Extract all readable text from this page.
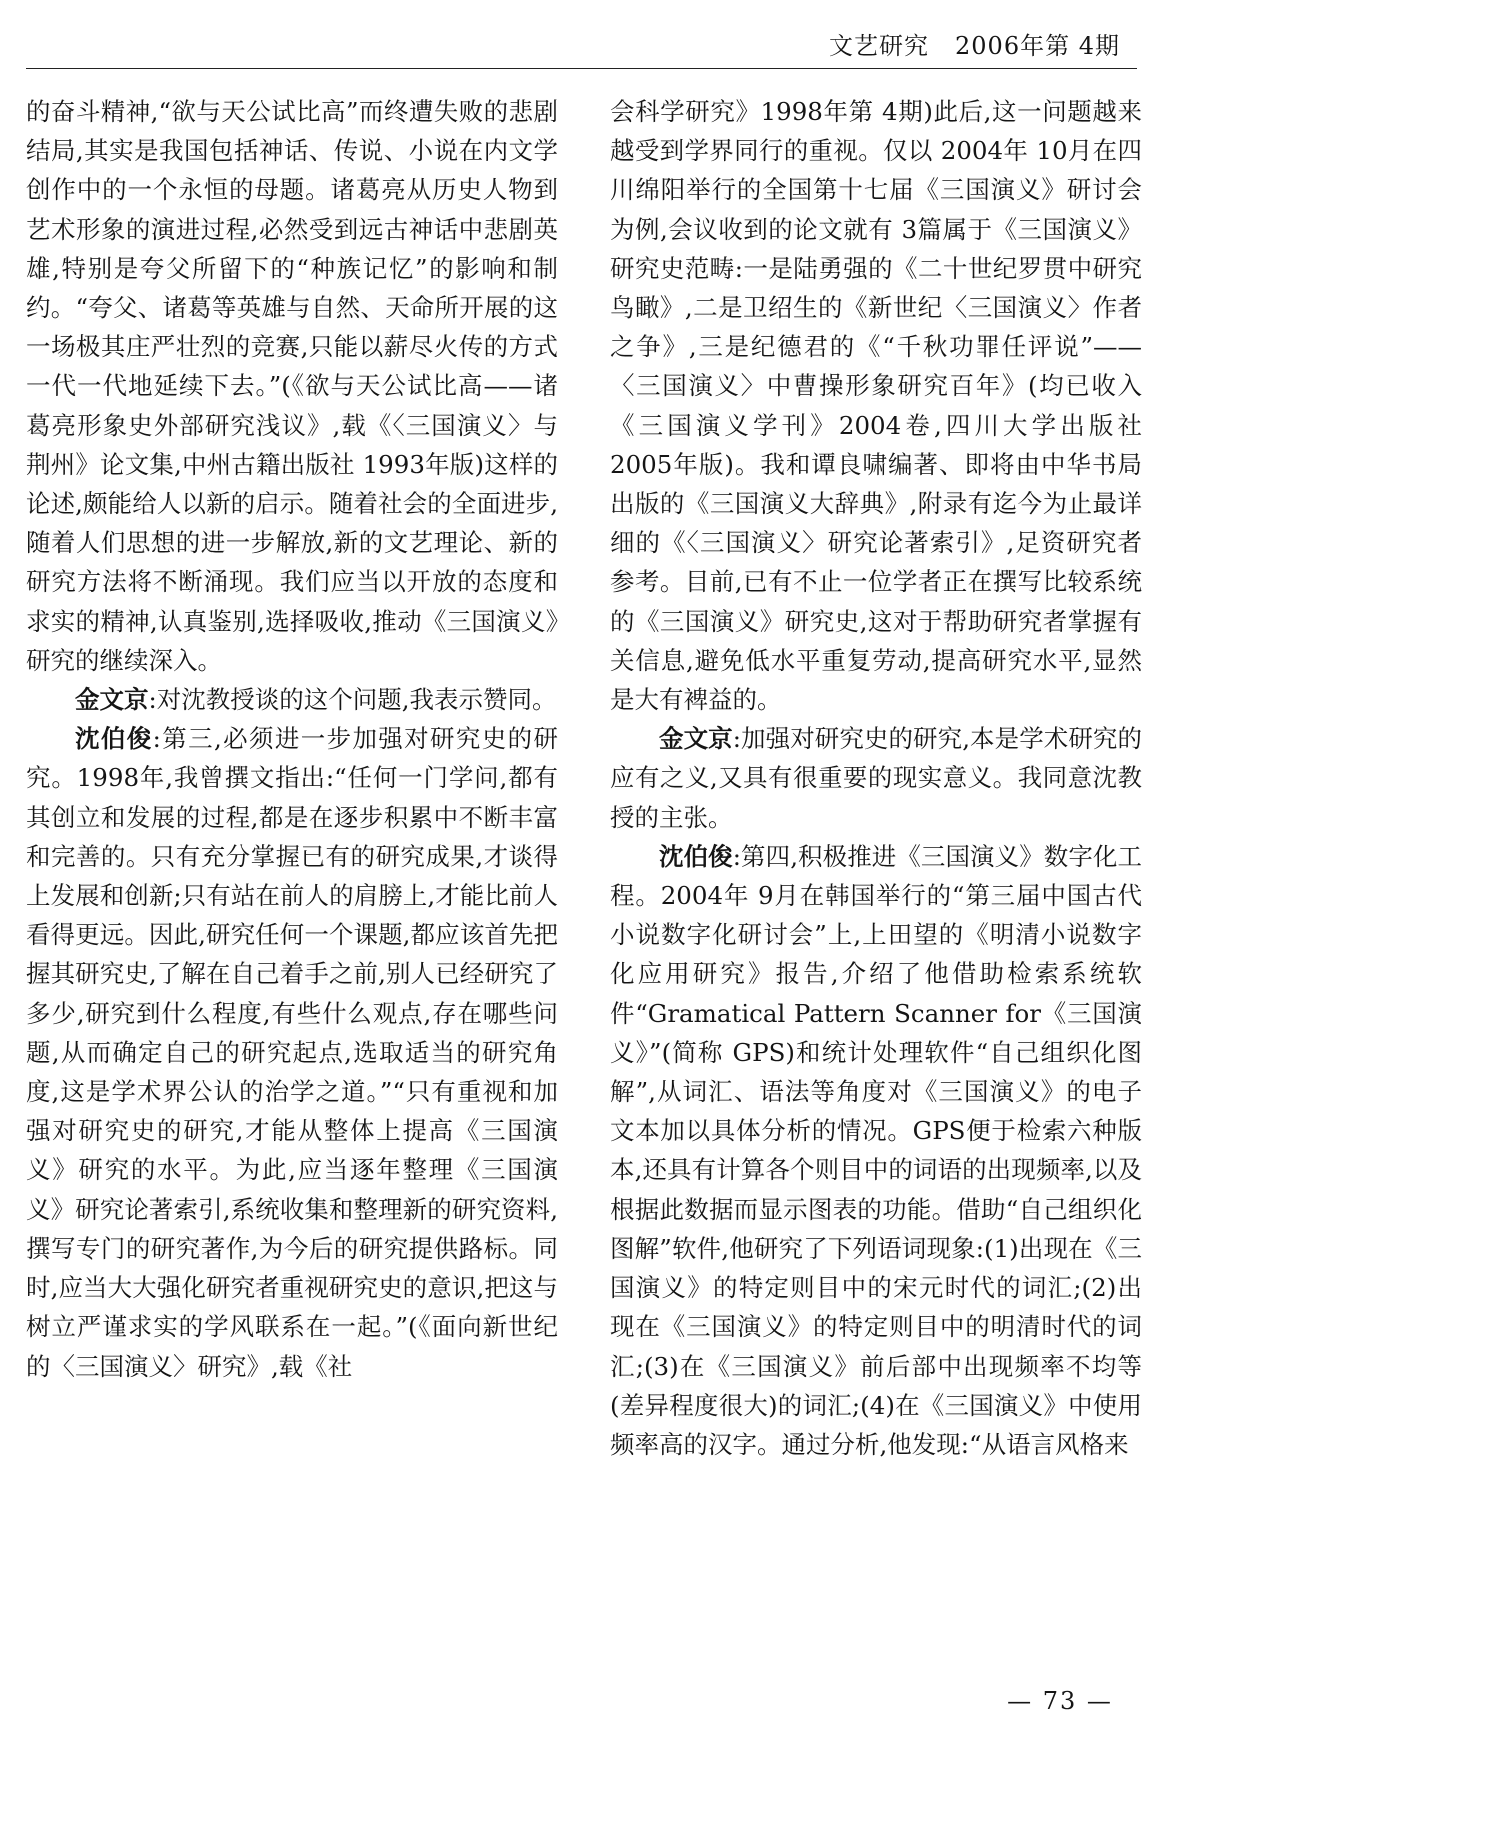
文艺研究 2006年第 4期

的奋斗精神,“欲与天公试比高”而终遭失败的悲剧结局,其实是我国包括神话、传说、小说在内文学创作中的一个永恒的母题。诸葛亮从历史人物到艺术形象的演进过程,必然受到远古神话中悲剧英雄,特别是夸父所留下的“种族记忆”的影响和制约。“夸父、诸葛等英雄与自然、天命所开展的这一场极其庄严壮烈的竞赛,只能以薪尽火传的方式一代一代地延续下去。”(《欲与天公试比高——诸葛亮形象史外部研究浅议》,载《〈三国演义〉与荆州》论文集,中州古籍出版社 1993年版)这样的论述,颇能给人以新的启示。随着社会的全面进步,随着人们思想的进一步解放,新的文艺理论、新的研究方法将不断涌现。我们应当以开放的态度和求实的精神,认真鉴别,选择吸收,推动《三国演义》研究的继续深入。

金文京:对沈教授谈的这个问题,我表示赞同。

沈伯俊:第三,必须进一步加强对研究史的研究。1998年,我曾撰文指出:“任何一门学问,都有其创立和发展的过程,都是在逐步积累中不断丰富和完善的。只有充分掌握已有的研究成果,才谈得上发展和创新;只有站在前人的肩膀上,才能比前人看得更远。因此,研究任何一个课题,都应该首先把握其研究史,了解在自己着手之前,别人已经研究了多少,研究到什么程度,有些什么观点,存在哪些问题,从而确定自己的研究起点,选取适当的研究角度,这是学术界公认的治学之道。”“只有重视和加强对研究史的研究,才能从整体上提高《三国演义》研究的水平。为此,应当逐年整理《三国演义》研究论著索引,系统收集和整理新的研究资料,撰写专门的研究著作,为今后的研究提供路标。同时,应当大大强化研究者重视研究史的意识,把这与树立严谨求实的学风联系在一起。”(《面向新世纪的〈三国演义〉研究》,载《社

会科学研究》1998年第 4期)此后,这一问题越来越受到学界同行的重视。仅以 2004年 10月在四川绵阳举行的全国第十七届《三国演义》研讨会为例,会议收到的论文就有 3篇属于《三国演义》研究史范畴:一是陆勇强的《二十世纪罗贯中研究鸟瞰》,二是卫绍生的《新世纪〈三国演义〉作者之争》,三是纪德君的《“千秋功罪任评说”——〈三国演义〉中曹操形象研究百年》(均已收入《三国演义学刊》2004卷,四川大学出版社 2005年版)。我和谭良啸编著、即将由中华书局出版的《三国演义大辞典》,附录有迄今为止最详细的《〈三国演义〉研究论著索引》,足资研究者参考。目前,已有不止一位学者正在撰写比较系统的《三国演义》研究史,这对于帮助研究者掌握有关信息,避免低水平重复劳动,提高研究水平,显然是大有裨益的。

金文京:加强对研究史的研究,本是学术研究的应有之义,又具有很重要的现实意义。我同意沈教授的主张。

沈伯俊:第四,积极推进《三国演义》数字化工程。2004年 9月在韩国举行的“第三届中国古代小说数字化研讨会”上,上田望的《明清小说数字化应用研究》报告,介绍了他借助检索系统软件“Gramatical Pattern Scanner for《三国演义》”(简称 GPS)和统计处理软件“自己组织化图解”,从词汇、语法等角度对《三国演义》的电子文本加以具体分析的情况。GPS便于检索六种版本,还具有计算各个则目中的词语的出现频率,以及根据此数据而显示图表的功能。借助“自己组织化图解”软件,他研究了下列语词现象:(1)出现在《三国演义》的特定则目中的宋元时代的词汇;(2)出现在《三国演义》的特定则目中的明清时代的词汇;(3)在《三国演义》前后部中出现频率不均等(差异程度很大)的词汇;(4)在《三国演义》中使用频率高的汉字。通过分析,他发现:“从语言风格来

— 73 —
